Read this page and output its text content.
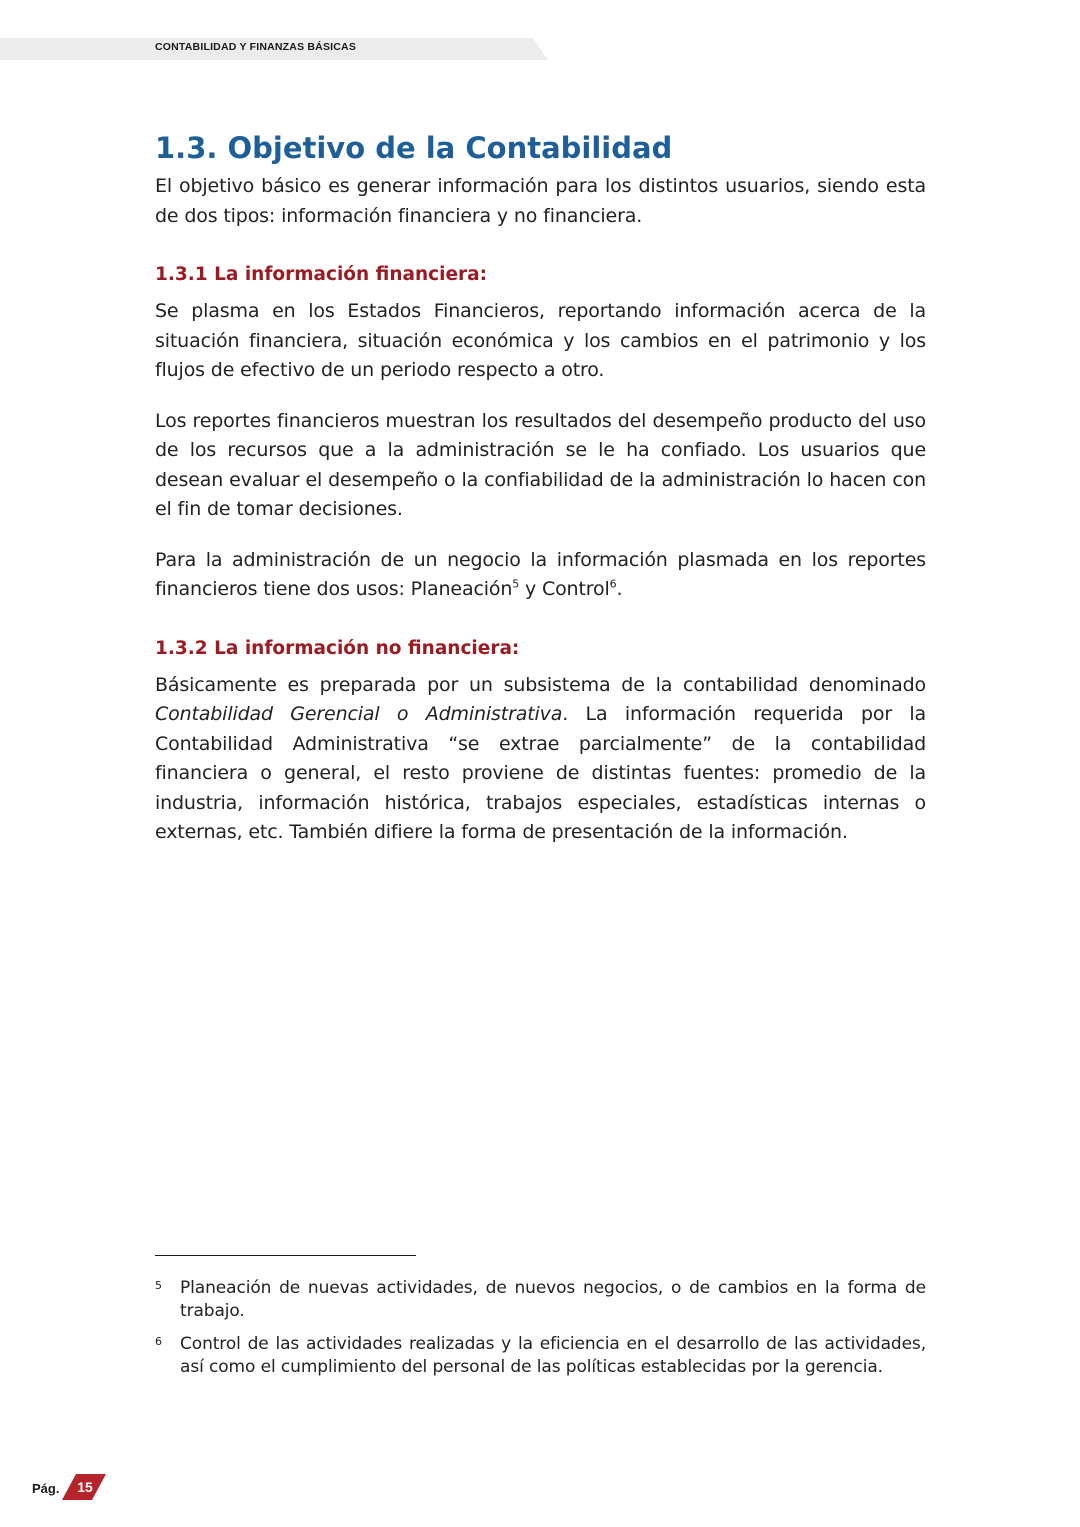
CONTABILIDAD Y FINANZAS BÁSICAS
1.3. Objetivo de la Contabilidad

El objetivo básico es generar información para los distintos usuarios, siendo esta de dos tipos: información financiera y no financiera.

1.3.1 La información financiera:

Se plasma en los Estados Financieros, reportando información acerca de la situación financiera, situación económica y los cambios en el patrimonio y los flujos de efectivo de un periodo respecto a otro.

Los reportes financieros muestran los resultados del desempeño producto del uso de los recursos que a la administración se le ha confiado. Los usuarios que desean evaluar el desempeño o la confiabilidad de la administración lo hacen con el fin de tomar decisiones.

Para la administración de un negocio la información plasmada en los reportes financieros tiene dos usos: Planeación$^5$ y Control$^6$.

1.3.2 La información no financiera:

Básicamente es preparada por un subsistema de la contabilidad denominado Contabilidad Gerencial o Administrativa. La información requerida por la Contabilidad Administrativa “se extrae parcialmente” de la contabilidad financiera o general, el resto proviene de distintas fuentes: promedio de la industria, información histórica, trabajos especiales, estadísticas internas o externas, etc. También difiere la forma de presentación de la información.

5	Planeación de nuevas actividades, de nuevos negocios, o de cambios en la forma de trabajo.
6	Control de las actividades realizadas y la eficiencia en el desarrollo de las actividades, así como el cumplimiento del personal de las políticas establecidas por la gerencia.
Pág. 15
